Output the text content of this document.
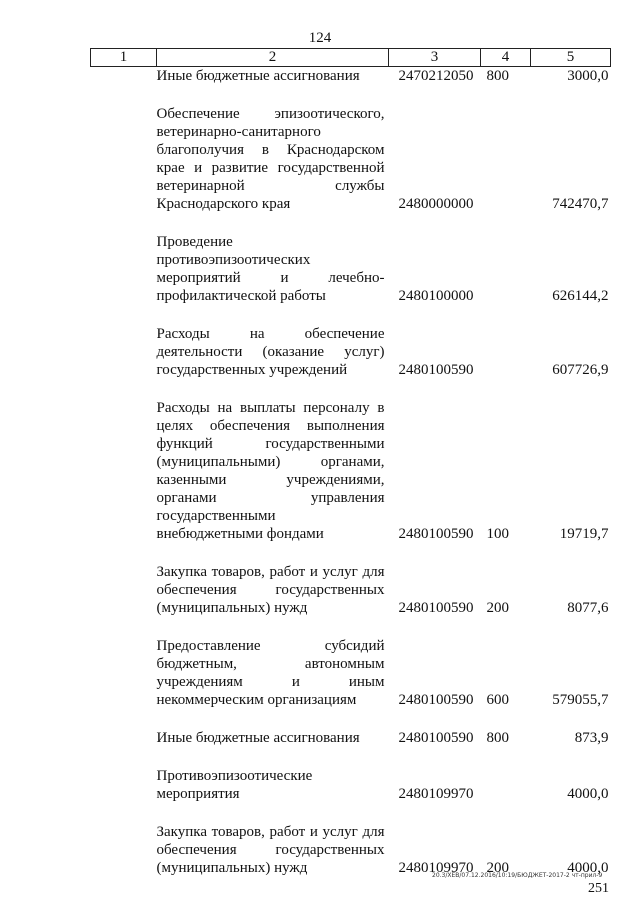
124
1	2	3	4	5
	Иные бюджетные ассигнования	2470212050	800	3000,0

	Обеспечение эпизоотического, ветеринарно-санитарного благополучия в Краснодарском крае и развитие государственной ветеринарной службы Краснодарского края	2480000000		742470,7

	Проведение противоэпизоотических мероприятий и лечебно-профилактической работы	2480100000		626144,2

	Расходы на обеспечение деятельности (оказание услуг) государственных учреждений	2480100590		607726,9

	Расходы на выплаты персоналу в целях обеспечения выполнения функций государственными (муниципальными) органами, казенными учреждениями, органами управления государственными внебюджетными фондами	2480100590	100	19719,7

	Закупка товаров, работ и услуг для обеспечения государственных (муниципальных) нужд	2480100590	200	8077,6

	Предоставление субсидий бюджетным, автономным учреждениям и иным некоммерческим организациям	2480100590	600	579055,7

	Иные бюджетные ассигнования	2480100590	800	873,9

	Противоэпизоотические мероприятия	2480109970		4000,0

	Закупка товаров, работ и услуг для обеспечения государственных (муниципальных) нужд	2480109970	200	4000,0
20.3/ХЕВ/07.12.2016/10:19/БЮДЖЕТ-2017-2 чт-прил-9
251
